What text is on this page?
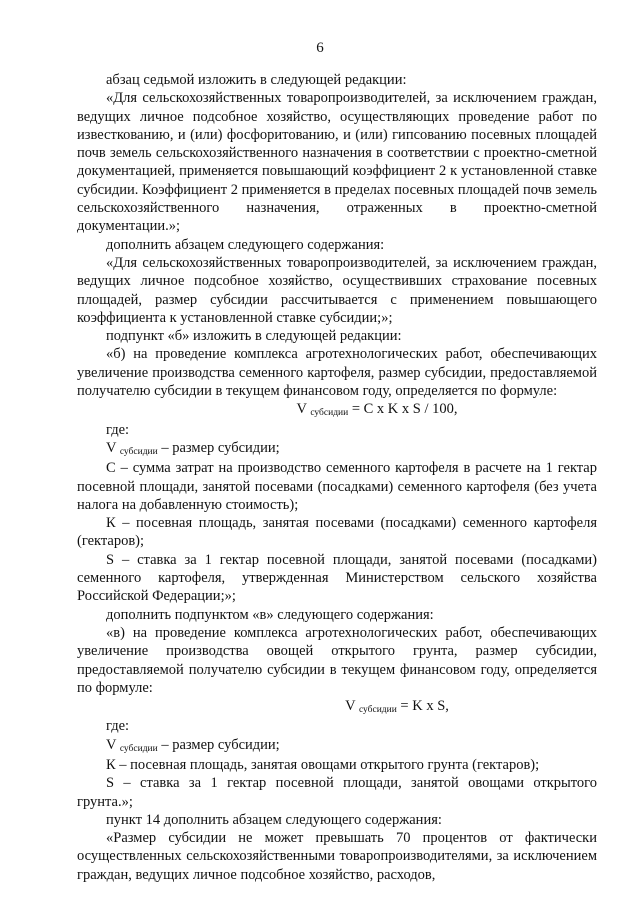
6

абзац седьмой изложить в следующей редакции:

«Для сельскохозяйственных товаропроизводителей, за исключением граждан, ведущих личное подсобное хозяйство, осуществляющих проведение работ по известкованию, и (или) фосфоритованию, и (или) гипсованию посевных площадей почв земель сельскохозяйственного назначения в соответствии с проектно-сметной документацией, применяется повышающий коэффициент 2 к установленной ставке субсидии. Коэффициент 2 применяется в пределах посевных площадей почв земель сельскохозяйственного назначения, отраженных в проектно-сметной документации.»;

дополнить абзацем следующего содержания:

«Для сельскохозяйственных товаропроизводителей, за исключением граждан, ведущих личное подсобное хозяйство, осуществивших страхование посевных площадей, размер субсидии рассчитывается с применением повышающего коэффициента к установленной ставке субсидии;»;

подпункт «б» изложить в следующей редакции:

«б) на проведение комплекса агротехнологических работ, обеспечивающих увеличение производства семенного картофеля, размер субсидии, предоставляемой получателю субсидии в текущем финансовом году, определяется по формуле:

V субсидии = C x K x S / 100,

где:

V субсидии – размер субсидии;

С – сумма затрат на производство семенного картофеля в расчете на 1 гектар посевной площади, занятой посевами (посадками) семенного картофеля (без учета налога на добавленную стоимость);

К – посевная площадь, занятая посевами (посадками) семенного картофеля (гектаров);

S – ставка за 1 гектар посевной площади, занятой посевами (посадками) семенного картофеля, утвержденная Министерством сельского хозяйства Российской Федерации;»;

дополнить подпунктом «в» следующего содержания:

«в) на проведение комплекса агротехнологических работ, обеспечивающих увеличение производства овощей открытого грунта, размер субсидии, предоставляемой получателю субсидии в текущем финансовом году, определяется по формуле:

V субсидии = K x S,

где:

V субсидии – размер субсидии;

К – посевная площадь, занятая овощами открытого грунта (гектаров);

S – ставка за 1 гектар посевной площади, занятой овощами открытого грунта.»;

пункт 14 дополнить абзацем следующего содержания:

«Размер субсидии не может превышать 70 процентов от фактически осуществленных сельскохозяйственными товаропроизводителями, за исключением граждан, ведущих личное подсобное хозяйство, расходов,
